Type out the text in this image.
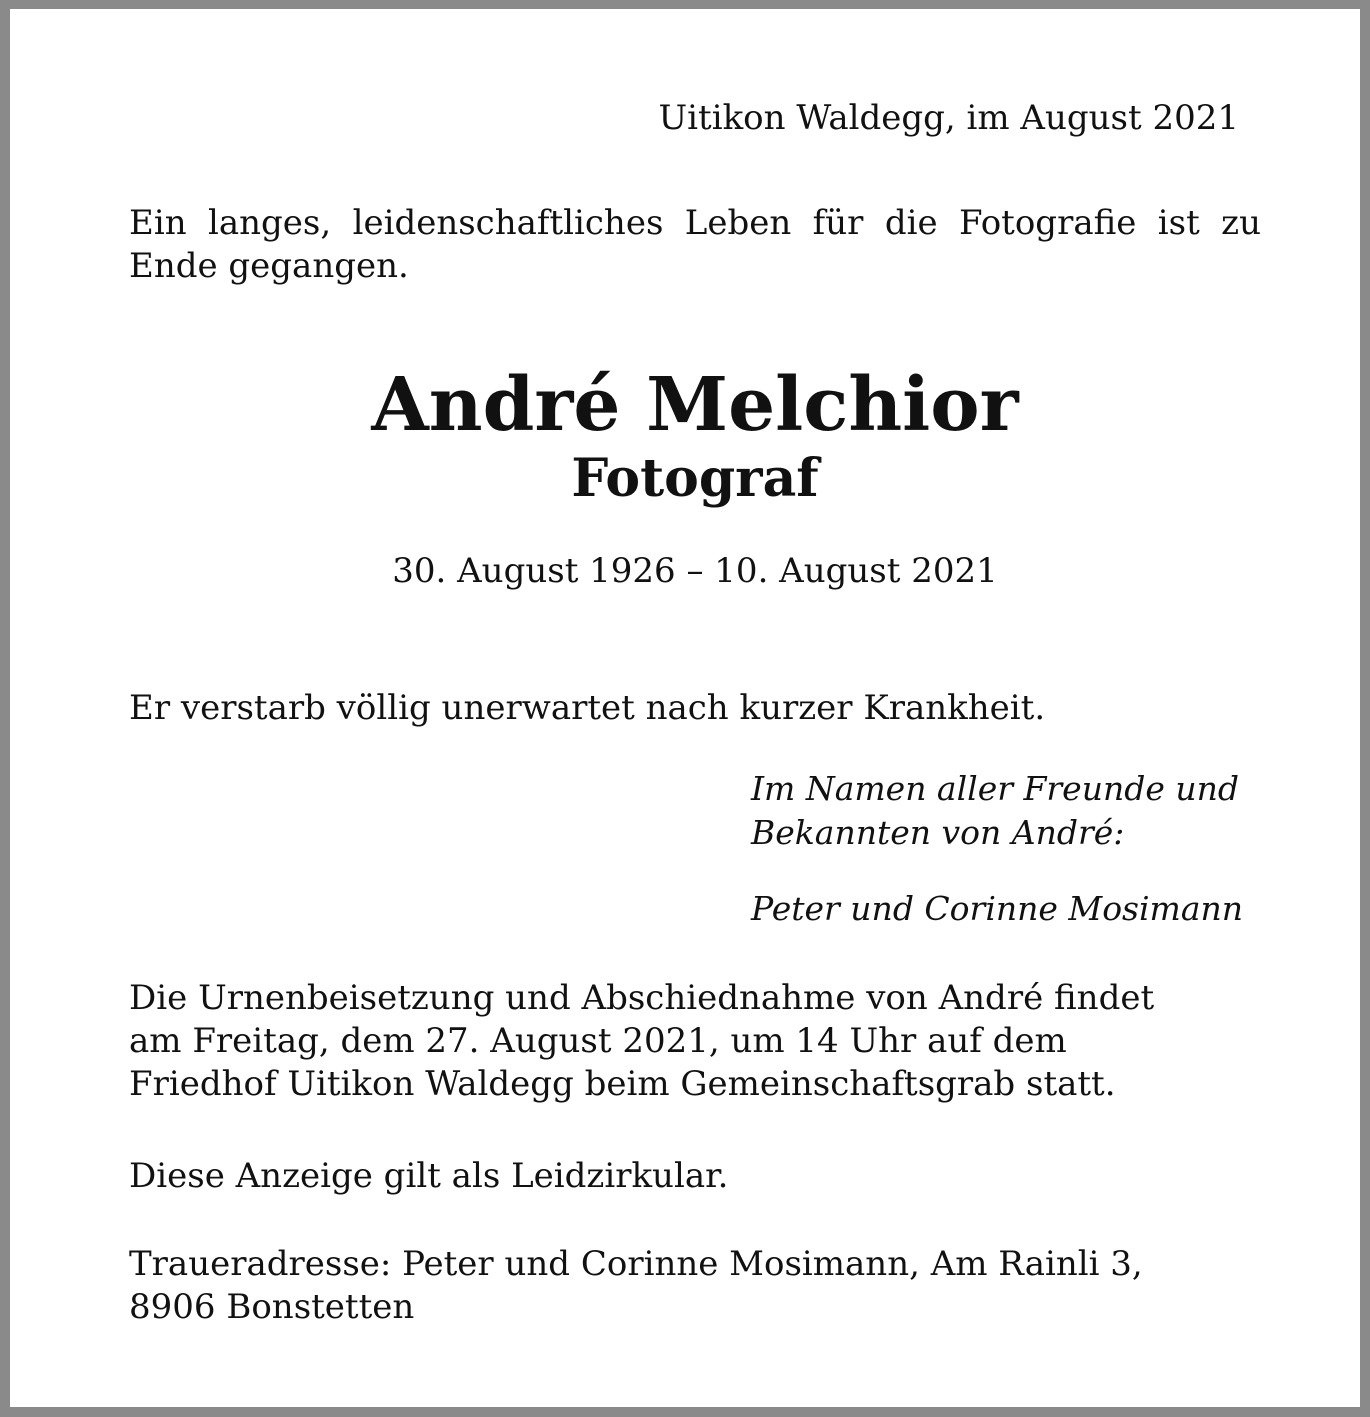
Uitikon Waldegg, im August 2021

Ein langes, leidenschaftliches Leben für die Fotografie ist zu Ende gegangen.

André Melchior
Fotograf

30. August 1926 – 10. August 2021

Er verstarb völlig unerwartet nach kurzer Krankheit.

Im Namen aller Freunde und
Bekannten von André:

Peter und Corinne Mosimann

Die Urnenbeisetzung und Abschiednahme von André findet
am Freitag, dem 27. August 2021, um 14 Uhr auf dem
Friedhof Uitikon Waldegg beim Gemeinschaftsgrab statt.

Diese Anzeige gilt als Leidzirkular.

Traueradresse: Peter und Corinne Mosimann, Am Rainli 3,
8906 Bonstetten
